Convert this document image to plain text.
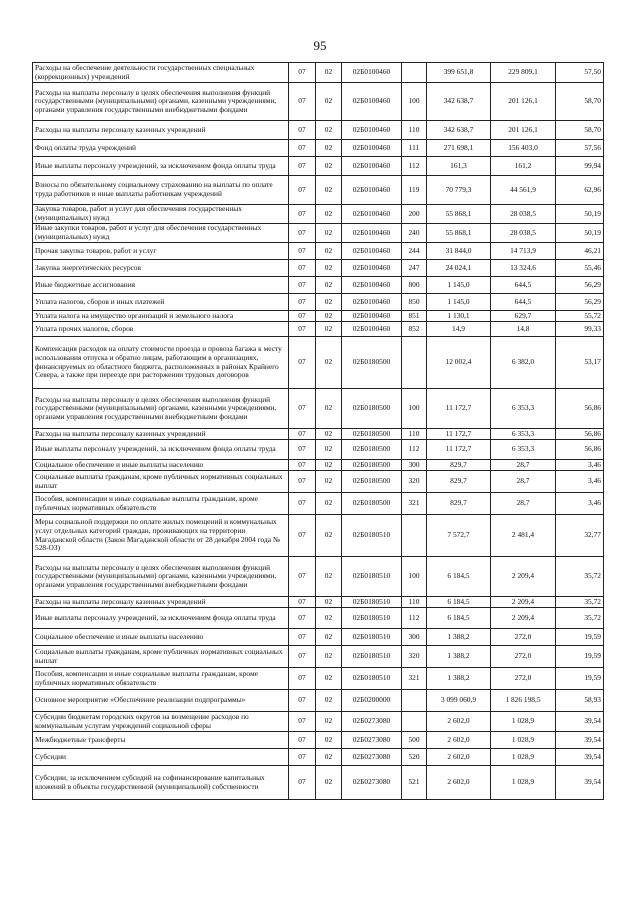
95
Расходы на обеспечение деятельности государственных специальных (коррекционных) учреждений	07	02	02Б0100460		399 651,8	229 809,1	57,50
Расходы на выплаты персоналу в целях обеспечения выполнения функций государственными (муниципальными) органами, казенными учреждениями, органами управления государственными внебюджетными фондами	07	02	02Б0100460	100	342 638,7	201 126,1	58,70
Расходы на выплаты персоналу казенных учреждений	07	02	02Б0100460	110	342 638,7	201 126,1	58,70
Фонд оплаты труда учреждений	07	02	02Б0100460	111	271 698,1	156 403,0	57,56
Иные выплаты персоналу учреждений, за исключением фонда оплаты труда	07	02	02Б0100460	112	161,3	161,2	99,94
Взносы по обязательному социальному страхованию на выплаты по оплате труда работников и иные выплаты работникам учреждений	07	02	02Б0100460	119	70 779,3	44 561,9	62,96
Закупка товаров, работ и услуг для обеспечения государственных (муниципальных) нужд	07	02	02Б0100460	200	55 868,1	28 038,5	50,19
Иные закупки товаров, работ и услуг для обеспечения государственных (муниципальных) нужд	07	02	02Б0100460	240	55 868,1	28 038,5	50,19
Прочая закупка товаров, работ и услуг	07	02	02Б0100460	244	31 844,0	14 713,9	46,21
Закупка энергетических ресурсов	07	02	02Б0100460	247	24 024,1	13 324,6	55,46
Иные бюджетные ассигнования	07	02	02Б0100460	800	1 145,0	644,5	56,29
Уплата налогов, сборов и иных платежей	07	02	02Б0100460	850	1 145,0	644,5	56,29
Уплата налога на имущество организаций и земельного налога	07	02	02Б0100460	851	1 130,1	629,7	55,72
Уплата прочих налогов, сборов	07	02	02Б0100460	852	14,9	14,8	99,33
Компенсация расходов на оплату стоимости проезда и провоза багажа к месту использования отпуска и обратно лицам, работающим в организациях, финансируемых из областного бюджета, расположенных в районах Крайнего Севера, а также при переезде при расторжении трудовых договоров	07	02	02Б0180500		12 002,4	6 382,0	53,17
Расходы на выплаты персоналу в целях обеспечения выполнения функций государственными (муниципальными) органами, казенными учреждениями, органами управления государственными внебюджетными фондами	07	02	02Б0180500	100	11 172,7	6 353,3	56,86
Расходы на выплаты персоналу казенных учреждений	07	02	02Б0180500	110	11 172,7	6 353,3	56,86
Иные выплаты персоналу учреждений, за исключением фонда оплаты труда	07	02	02Б0180500	112	11 172,7	6 353,3	56,86
Социальное обеспечение и иные выплаты населению	07	02	02Б0180500	300	829,7	28,7	3,46
Социальные выплаты гражданам, кроме публичных нормативных социальных выплат	07	02	02Б0180500	320	829,7	28,7	3,46
Пособия, компенсации и иные социальные выплаты гражданам, кроме публичных нормативных обязательств	07	02	02Б0180500	321	829,7	28,7	3,46
Меры социальной поддержки по оплате жилых помещений и коммунальных услуг отдельных категорий граждан, проживающих на территории Магаданской области (Закон Магаданской области от 28 декабря 2004 года № 528-ОЗ)	07	02	02Б0180510		7 572,7	2 481,4	32,77
Расходы на выплаты персоналу в целях обеспечения выполнения функций государственными (муниципальными) органами, казенными учреждениями, органами управления государственными внебюджетными фондами	07	02	02Б0180510	100	6 184,5	2 209,4	35,72
Расходы на выплаты персоналу казенных учреждений	07	02	02Б0180510	110	6 184,5	2 209,4	35,72
Иные выплаты персоналу учреждений, за исключением фонда оплаты труда	07	02	02Б0180510	112	6 184,5	2 209,4	35,72
Социальное обеспечение и иные выплаты населению	07	02	02Б0180510	300	1 388,2	272,0	19,59
Социальные выплаты гражданам, кроме публичных нормативных социальных выплат	07	02	02Б0180510	320	1 388,2	272,0	19,59
Пособия, компенсации и иные социальные выплаты гражданам, кроме публичных нормативных обязательств	07	02	02Б0180510	321	1 388,2	272,0	19,59
Основное мероприятие «Обеспечение реализации подпрограммы»	07	02	02Б0200000		3 099 060,9	1 826 198,5	58,93
Субсидии бюджетам городских округов на возмещение расходов по коммунальным услугам учреждений социальной сферы	07	02	02Б0273080		2 602,0	1 028,9	39,54
Межбюджетные трансферты	07	02	02Б0273080	500	2 602,0	1 028,9	39,54
Субсидии	07	02	02Б0273080	520	2 602,0	1 028,9	39,54
Субсидии, за исключением субсидий на софинансирование капитальных вложений в объекты государственной (муниципальной) собственности	07	02	02Б0273080	521	2 602,0	1 028,9	39,54
